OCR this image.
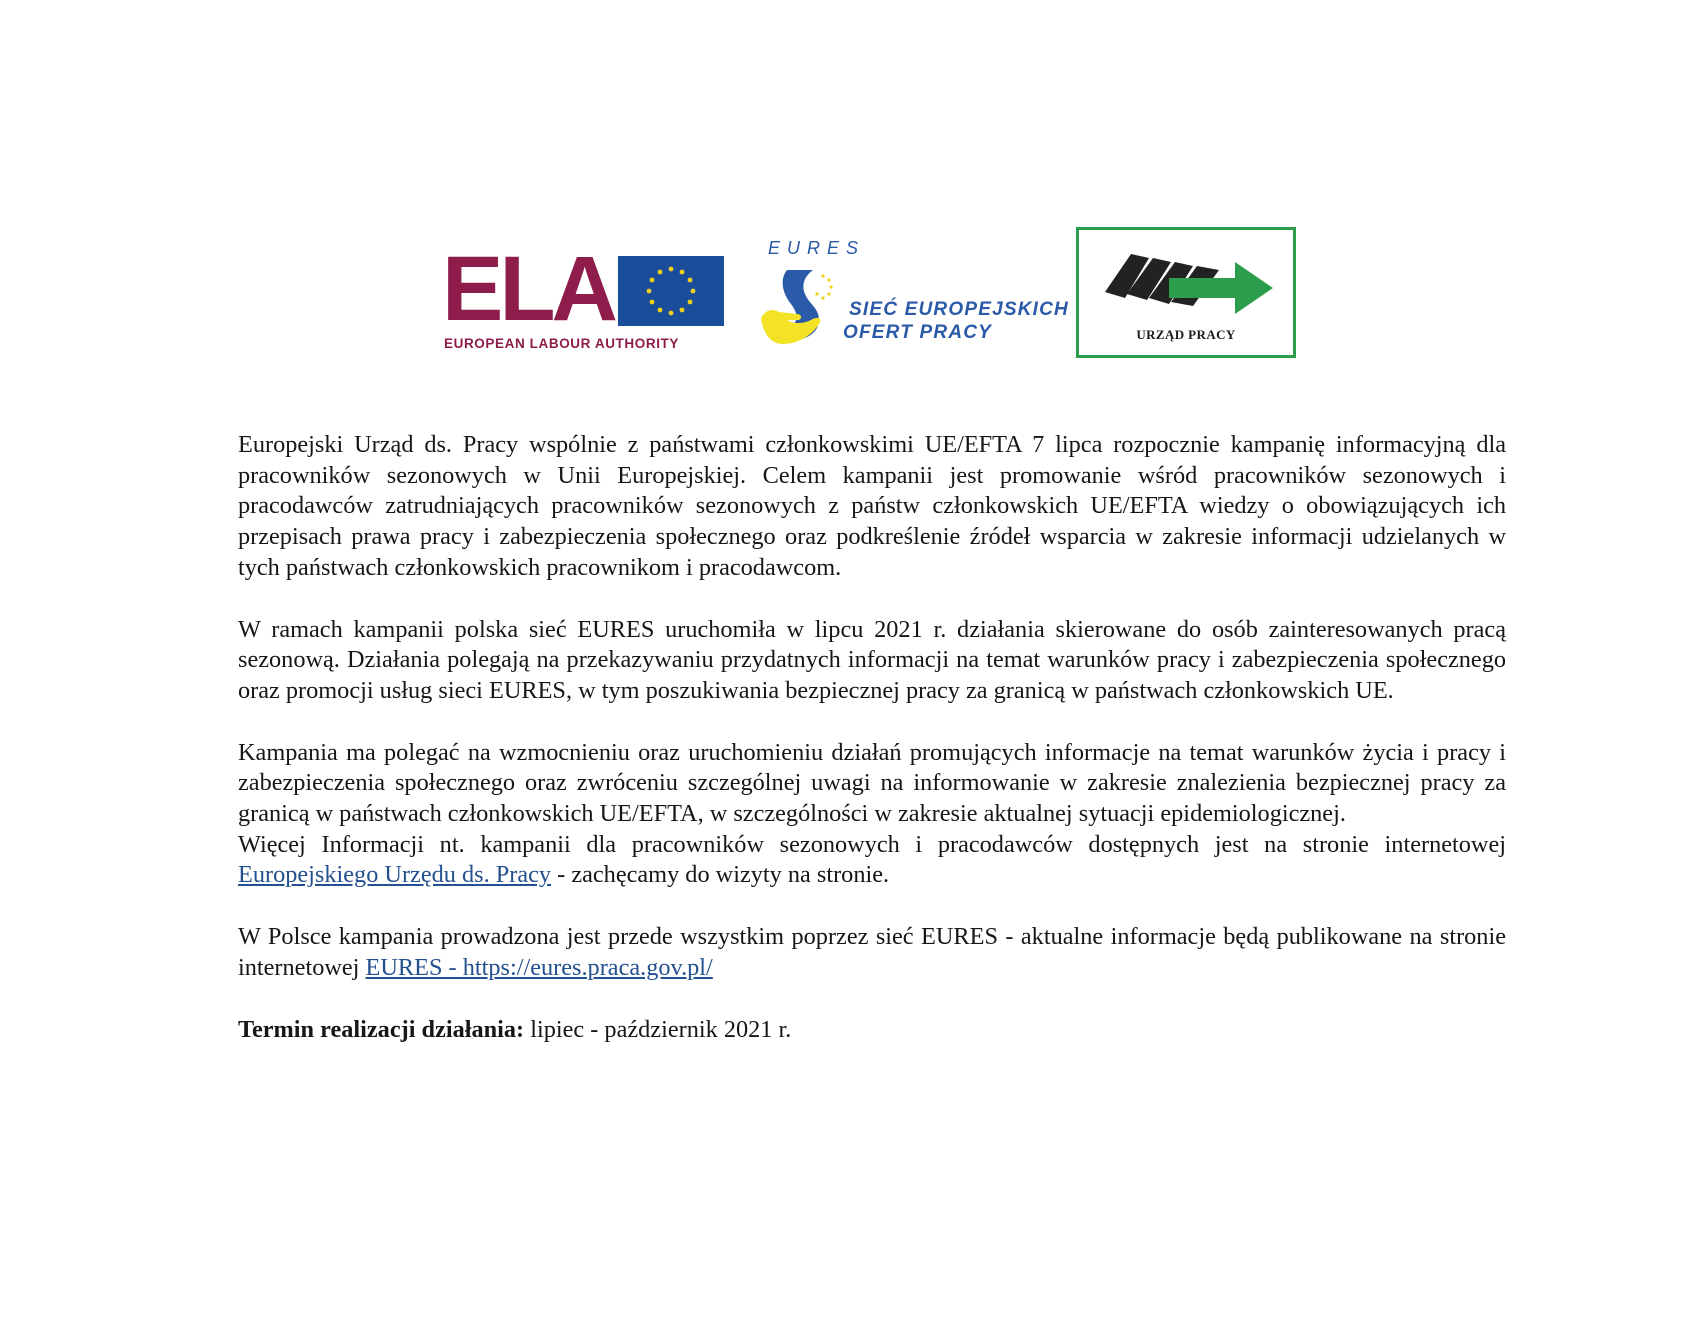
ELA
EUROPEAN LABOUR AUTHORITY
EURES
SIEĆ EUROPEJSKICH
OFERT PRACY	URZĄD PRACY

Europejski Urząd ds. Pracy wspólnie z państwami członkowskimi UE/EFTA 7 lipca rozpocznie kampanię informacyjną dla pracowników sezonowych w Unii Europejskiej. Celem kampanii jest promowanie wśród pracowników sezonowych i pracodawców zatrudniających pracowników sezonowych z państw członkowskich UE/EFTA wiedzy o obowiązujących ich przepisach prawa pracy i zabezpieczenia społecznego oraz podkreślenie źródeł wsparcia w zakresie informacji udzielanych w tych państwach członkowskich pracownikom i pracodawcom.

W ramach kampanii polska sieć EURES uruchomiła w lipcu 2021 r. działania skierowane do osób zainteresowanych pracą sezonową. Działania polegają na przekazywaniu przydatnych informacji na temat warunków pracy i zabezpieczenia społecznego oraz promocji usług sieci EURES, w tym poszukiwania bezpiecznej pracy za granicą w państwach członkowskich UE.

Kampania ma polegać na wzmocnieniu oraz uruchomieniu działań promujących informacje na temat warunków życia i pracy i zabezpieczenia społecznego oraz zwróceniu szczególnej uwagi na informowanie w zakresie znalezienia bezpiecznej pracy za granicą w państwach członkowskich UE/EFTA, w szczególności w zakresie aktualnej sytuacji epidemiologicznej.

Więcej Informacji nt. kampanii dla pracowników sezonowych i pracodawców dostępnych jest na stronie internetowej Europejskiego Urzędu ds. Pracy - zachęcamy do wizyty na stronie.

W Polsce kampania prowadzona jest przede wszystkim poprzez sieć EURES - aktualne informacje będą publikowane na stronie internetowej EURES - https://eures.praca.gov.pl/

Termin realizacji działania: lipiec - październik 2021 r.
